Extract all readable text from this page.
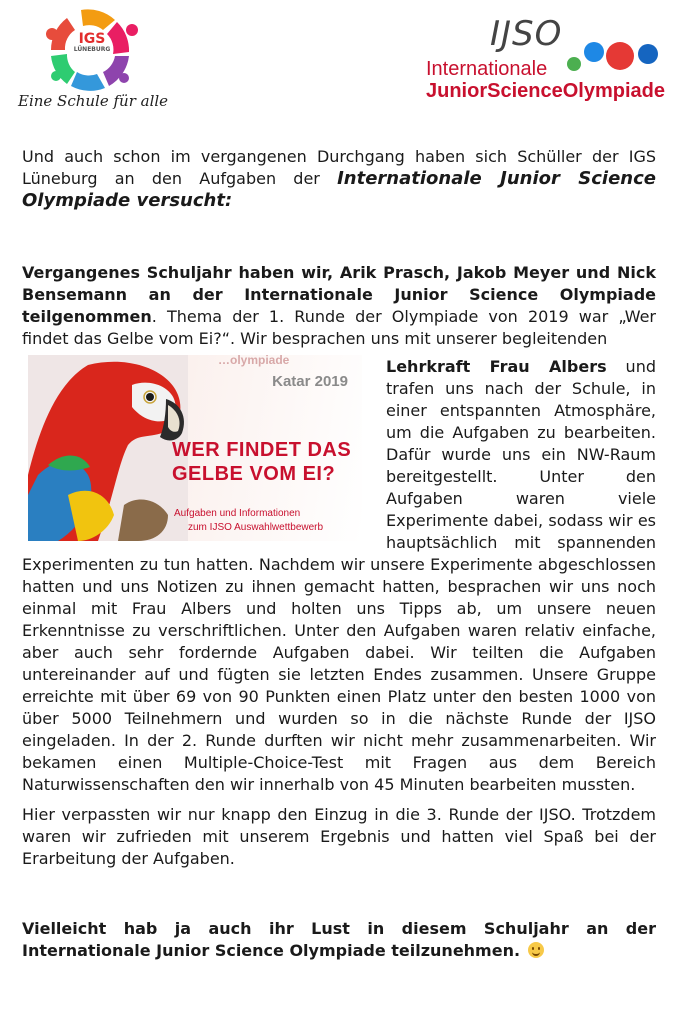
IGS
LÜNEBURG
Eine Schule für alle
IJSO
Internationale
JuniorScienceOlympiade

Und auch schon im vergangenen Durchgang haben sich Schüller der IGS Lüneburg an den Aufgaben der Internationale Junior Science Olympiade versucht:

Vergangenes Schuljahr haben wir, Arik Prasch, Jakob Meyer und Nick Bensemann an der Internationale Junior Science Olympiade teilgenommen. Thema der 1. Runde der Olympiade von 2019 war „Wer findet das Gelbe vom Ei?“. Wir besprachen uns mit unserer begleitenden

…olympiade
Katar 2019
WER FINDET DAS
GELBE VOM EI?
Aufgaben und Informationen
zum IJSO Auswahlwettbewerb

Lehrkraft Frau Albers und trafen uns nach der Schule, in einer entspannten Atmosphäre, um die Aufgaben zu bearbeiten. Dafür wurde uns ein NW-Raum bereitgestellt. Unter den Aufgaben waren viele Experimente dabei, sodass wir es hauptsächlich mit spannenden Experimenten zu tun hatten. Nachdem wir unsere Experimente abgeschlossen hatten und uns Notizen zu ihnen gemacht hatten, besprachen wir uns noch einmal mit Frau Albers und holten uns Tipps ab, um unsere neuen Erkenntnisse zu verschriftlichen. Unter den Aufgaben waren relativ einfache, aber auch sehr fordernde Aufgaben dabei. Wir teilten die Aufgaben untereinander auf und fügten sie letzten Endes zusammen. Unsere Gruppe erreichte mit über 69 von 90 Punkten einen Platz unter den besten 1000 von über 5000 Teilnehmern und wurden so in die nächste Runde der IJSO eingeladen. In der 2. Runde durften wir nicht mehr zusammenarbeiten. Wir bekamen einen Multiple-Choice-Test mit Fragen aus dem Bereich Naturwissenschaften den wir innerhalb von 45 Minuten bearbeiten mussten.

Hier verpassten wir nur knapp den Einzug in die 3. Runde der IJSO. Trotzdem waren wir zufrieden mit unserem Ergebnis und hatten viel Spaß bei der Erarbeitung der Aufgaben.

Vielleicht hab ja auch ihr Lust in diesem Schuljahr an der Internationale Junior Science Olympiade teilzunehmen.
